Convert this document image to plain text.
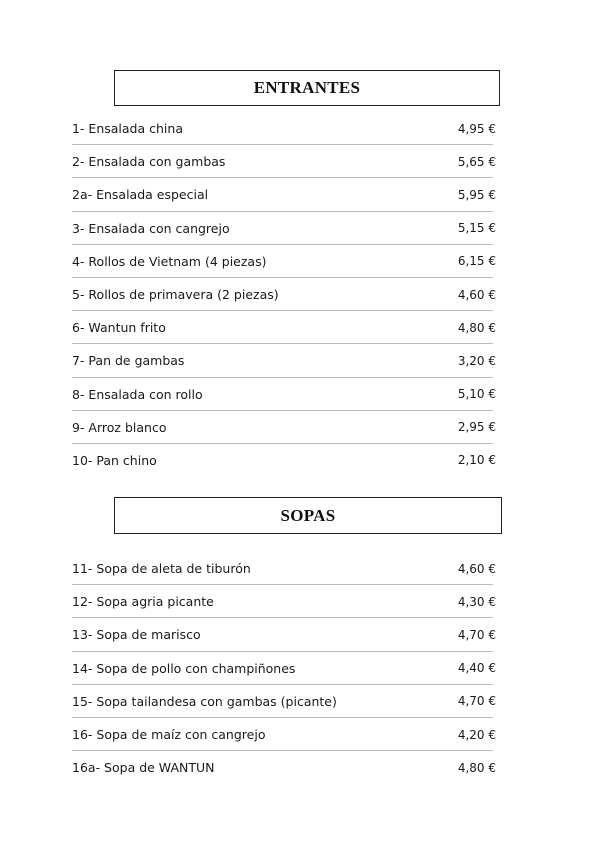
ENTRANTES
1- Ensalada china	4,95 €
2- Ensalada con gambas	5,65 €
2a- Ensalada especial	5,95 €
3- Ensalada con cangrejo	5,15 €
4- Rollos de Vietnam (4 piezas)	6,15 €
5- Rollos de primavera (2 piezas)	4,60 €
6- Wantun frito	4,80 €
7- Pan de gambas	3,20 €
8- Ensalada con rollo	5,10 €
9- Arroz blanco	2,95 €
10- Pan chino	2,10 €
SOPAS
11- Sopa de aleta de tiburón	4,60 €
12- Sopa agria picante	4,30 €
13- Sopa de marisco	4,70 €
14- Sopa de pollo con champiñones	4,40 €
15- Sopa tailandesa con gambas (picante)	4,70 €
16- Sopa de maíz con cangrejo	4,20 €
16a- Sopa de WANTUN	4,80 €
